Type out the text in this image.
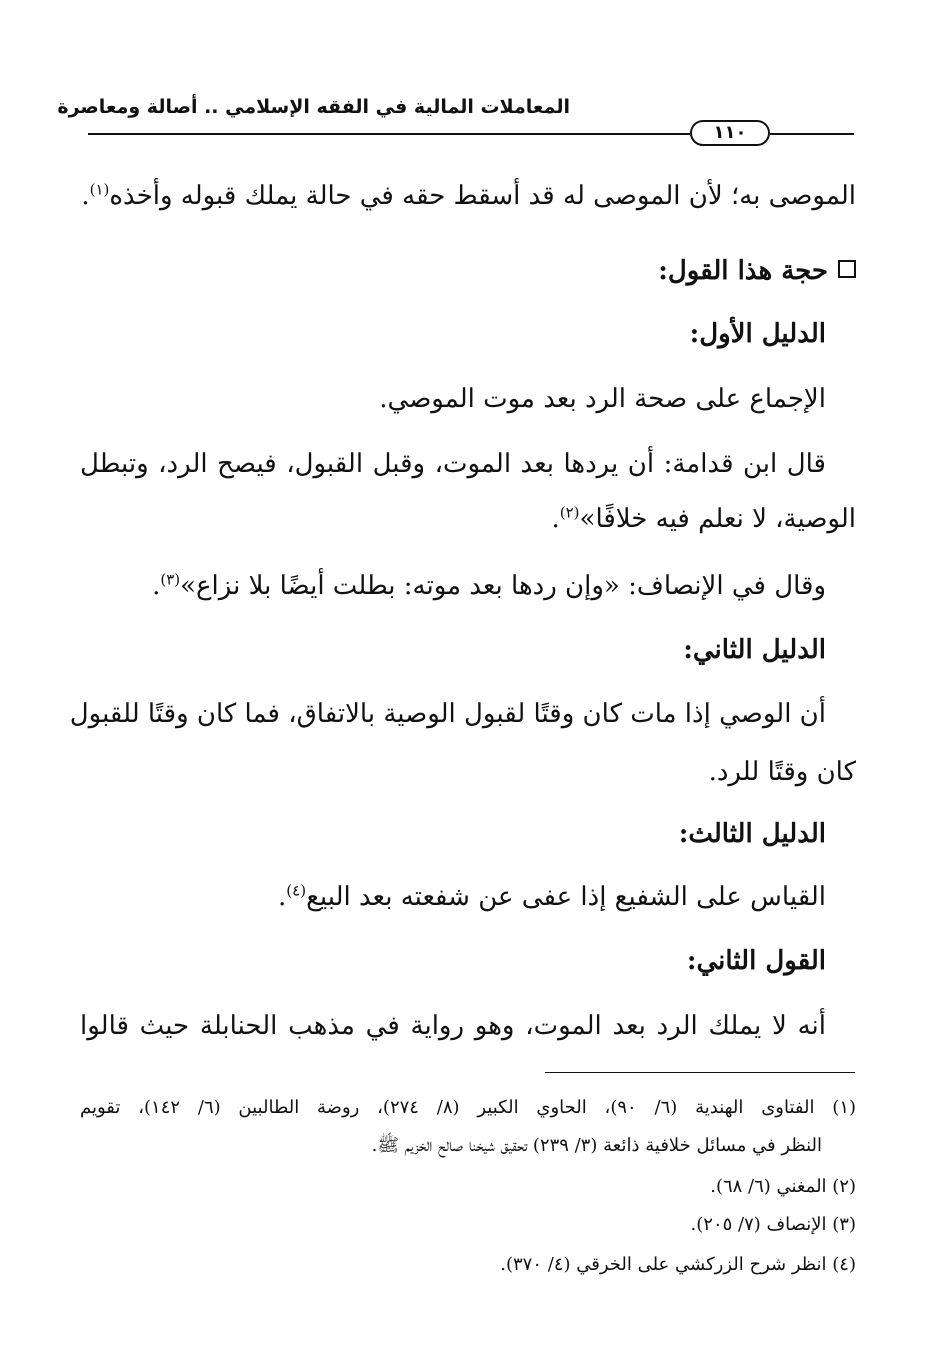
المعاملات المالية في الفقه الإسلامي .. أصالة ومعاصرة
١١٠
الموصى به؛ لأن الموصى له قد أسقط حقه في حالة يملك قبوله وأخذه$^{(١)}$.
حجة هذا القول:
الدليل الأول:
الإجماع على صحة الرد بعد موت الموصي.
قال ابن قدامة: أن يردها بعد الموت، وقبل القبول، فيصح الرد، وتبطل
الوصية، لا نعلم فيه خلافًا»$^{(٢)}$.
وقال في الإنصاف: «وإن ردها بعد موته: بطلت أيضًا بلا نزاع»$^{(٣)}$.
الدليل الثاني:
أن الوصي إذا مات كان وقتًا لقبول الوصية بالاتفاق، فما كان وقتًا للقبول
كان وقتًا للرد.
الدليل الثالث:
القياس على الشفيع إذا عفى عن شفعته بعد البيع$^{(٤)}$.
القول الثاني:
أنه لا يملك الرد بعد الموت، وهو رواية في مذهب الحنابلة حيث قالوا
(١) الفتاوى الهندية (٦/ ٩٠)، الحاوي الكبير (٨/ ٢٧٤)، روضة الطالبين (٦/ ١٤٢)، تقويم
النظر في مسائل خلافية ذائعة (٣/ ٢٣٩) تحقيق شيخنا صالح الخزيم ﷺ.
(٢) المغني (٦/ ٦٨).
(٣) الإنصاف (٧/ ٢٠٥).
(٤) انظر شرح الزركشي على الخرقي (٤/ ٣٧٠).
